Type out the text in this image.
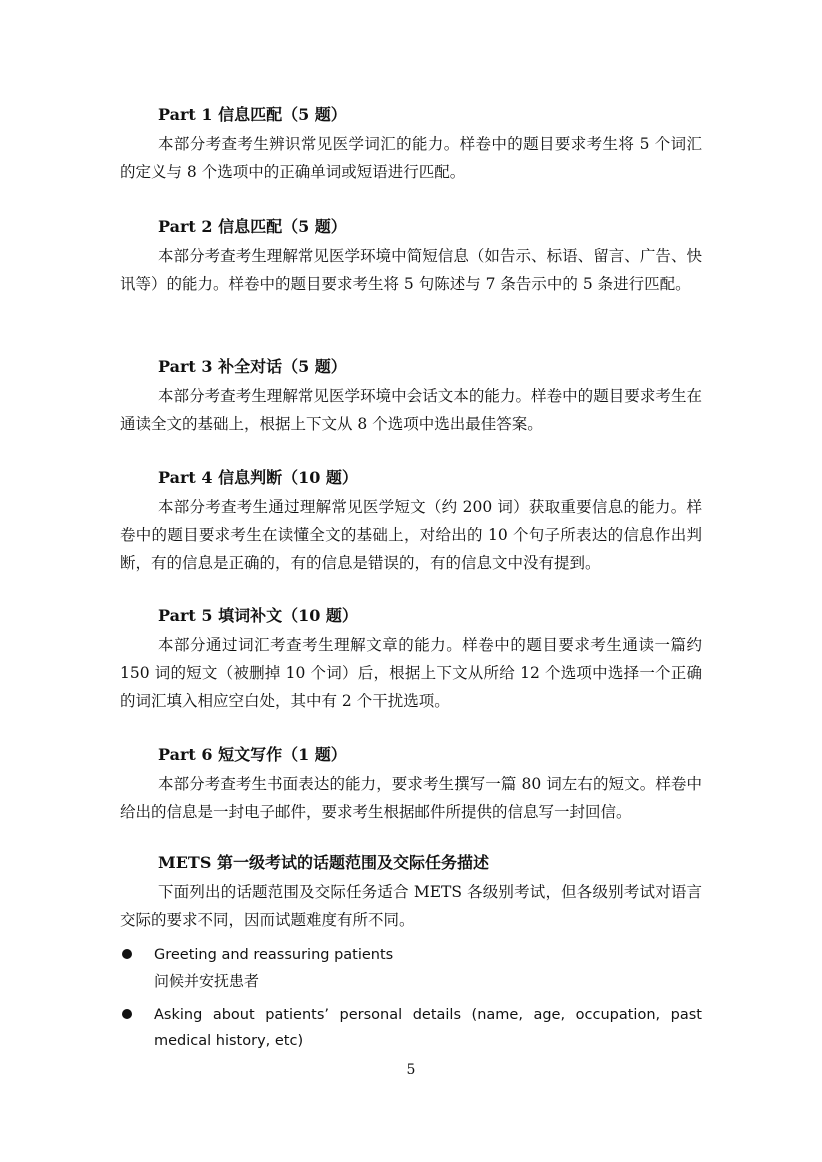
Part 1 信息匹配（5 题）

本部分考查考生辨识常见医学词汇的能力。样卷中的题目要求考生将 5 个词汇的定义与 8 个选项中的正确单词或短语进行匹配。

Part 2 信息匹配（5 题）

本部分考查考生理解常见医学环境中简短信息（如告示、标语、留言、广告、快讯等）的能力。样卷中的题目要求考生将 5 句陈述与 7 条告示中的 5 条进行匹配。

Part 3 补全对话（5 题）

本部分考查考生理解常见医学环境中会话文本的能力。样卷中的题目要求考生在通读全文的基础上，根据上下文从 8 个选项中选出最佳答案。

Part 4 信息判断（10 题）

本部分考查考生通过理解常见医学短文（约 200 词）获取重要信息的能力。样卷中的题目要求考生在读懂全文的基础上，对给出的 10 个句子所表达的信息作出判断，有的信息是正确的，有的信息是错误的，有的信息文中没有提到。

Part 5 填词补文（10 题）

本部分通过词汇考查考生理解文章的能力。样卷中的题目要求考生通读一篇约 150 词的短文（被删掉 10 个词）后，根据上下文从所给 12 个选项中选择一个正确的词汇填入相应空白处，其中有 2 个干扰选项。

Part 6 短文写作（1 题）

本部分考查考生书面表达的能力，要求考生撰写一篇 80 词左右的短文。样卷中给出的信息是一封电子邮件，要求考生根据邮件所提供的信息写一封回信。

METS 第一级考试的话题范围及交际任务描述

下面列出的话题范围及交际任务适合 METS 各级别考试，但各级别考试对语言交际的要求不同，因而试题难度有所不同。

Greeting and reassuring patients
问候并安抚患者
Asking about patients’ personal details (name, age, occupation, past medical history, etc)
5
